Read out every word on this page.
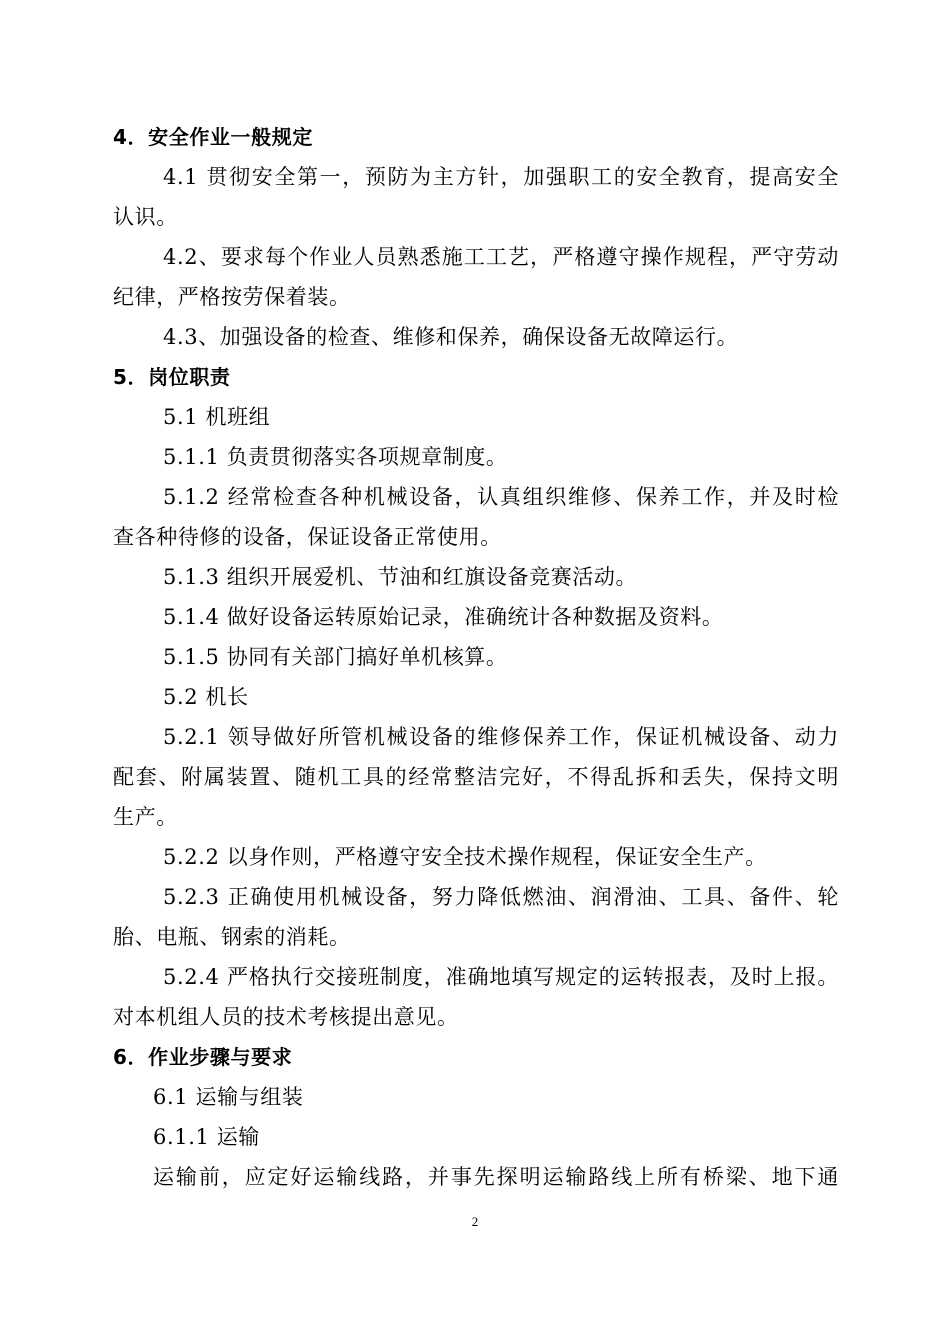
4．安全作业一般规定

4.1 贯彻安全第一，预防为主方针，加强职工的安全教育，提高安全

认识。

4.2、要求每个作业人员熟悉施工工艺，严格遵守操作规程，严守劳动

纪律，严格按劳保着装。

4.3、加强设备的检查、维修和保养，确保设备无故障运行。

5．岗位职责

5.1 机班组

5.1.1 负责贯彻落实各项规章制度。

5.1.2 经常检查各种机械设备，认真组织维修、保养工作，并及时检

查各种待修的设备，保证设备正常使用。

5.1.3 组织开展爱机、节油和红旗设备竞赛活动。

5.1.4 做好设备运转原始记录，准确统计各种数据及资料。

5.1.5 协同有关部门搞好单机核算。

5.2 机长

5.2.1 领导做好所管机械设备的维修保养工作，保证机械设备、动力

配套、附属装置、随机工具的经常整洁完好，不得乱拆和丢失，保持文明

生产。

5.2.2 以身作则，严格遵守安全技术操作规程，保证安全生产。

5.2.3 正确使用机械设备，努力降低燃油、润滑油、工具、备件、轮

胎、电瓶、钢索的消耗。

5.2.4 严格执行交接班制度，准确地填写规定的运转报表，及时上报。

对本机组人员的技术考核提出意见。

6．作业步骤与要求

6.1 运输与组装

6.1.1 运输

运输前，应定好运输线路，并事先探明运输路线上所有桥梁、地下通

2
